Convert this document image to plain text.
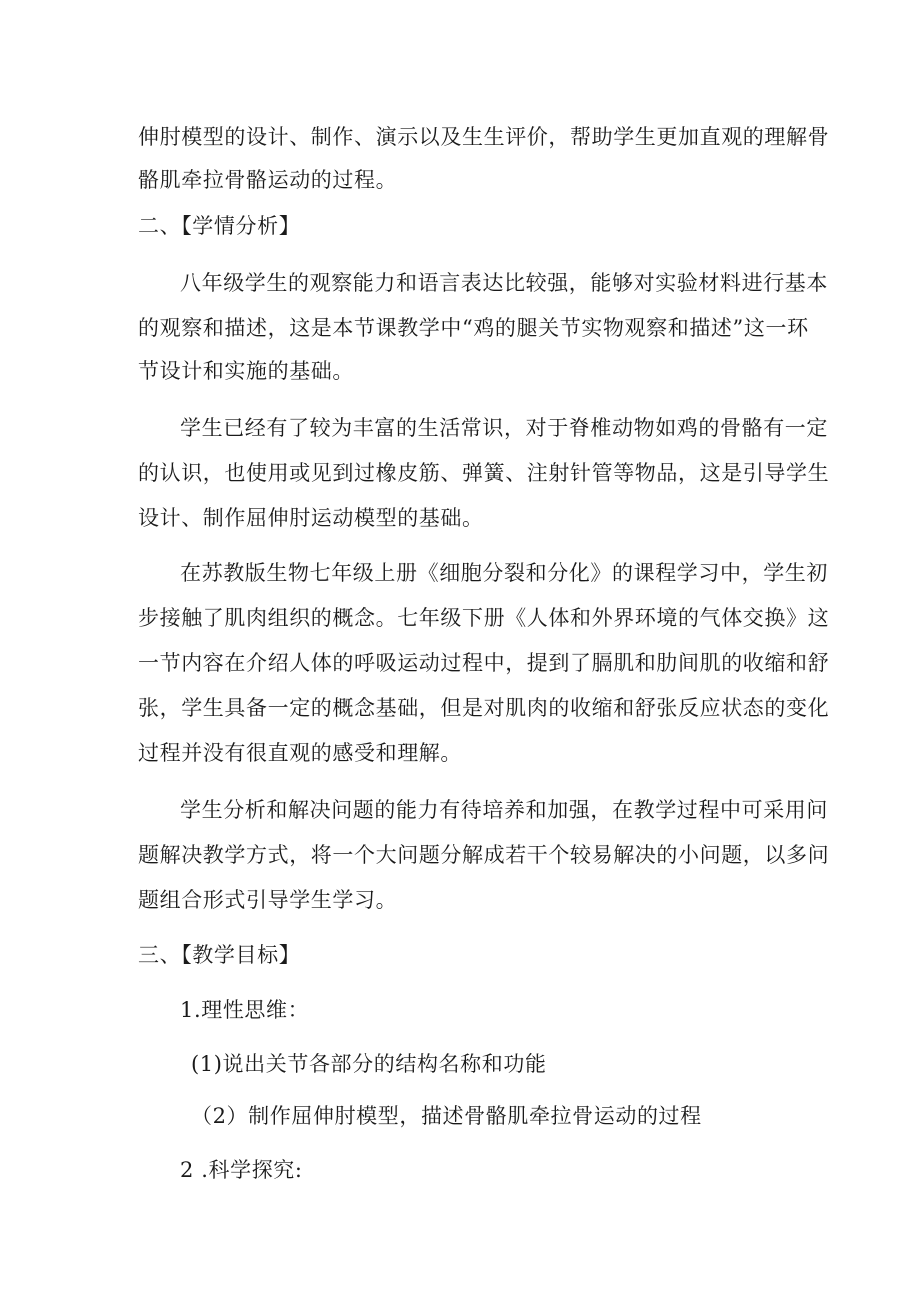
伸肘模型的设计、制作、演示以及生生评价，帮助学生更加直观的理解骨
骼肌牵拉骨骼运动的过程。
二、【学情分析】
八年级学生的观察能力和语言表达比较强，能够对实验材料进行基本
的观察和描述，这是本节课教学中“鸡的腿关节实物观察和描述”这一环
节设计和实施的基础。
学生已经有了较为丰富的生活常识，对于脊椎动物如鸡的骨骼有一定
的认识，也使用或见到过橡皮筋、弹簧、注射针管等物品，这是引导学生
设计、制作屈伸肘运动模型的基础。
在苏教版生物七年级上册《细胞分裂和分化》的课程学习中，学生初
步接触了肌肉组织的概念。七年级下册《人体和外界环境的气体交换》这
一节内容在介绍人体的呼吸运动过程中，提到了膈肌和肋间肌的收缩和舒
张，学生具备一定的概念基础，但是对肌肉的收缩和舒张反应状态的变化
过程并没有很直观的感受和理解。
学生分析和解决问题的能力有待培养和加强，在教学过程中可采用问
题解决教学方式，将一个大问题分解成若干个较易解决的小问题，以多问
题组合形式引导学生学习。
三、【教学目标】
1.理性思维：
(1)说出关节各部分的结构名称和功能
（2）制作屈伸肘模型，描述骨骼肌牵拉骨运动的过程
2 .科学探究:
